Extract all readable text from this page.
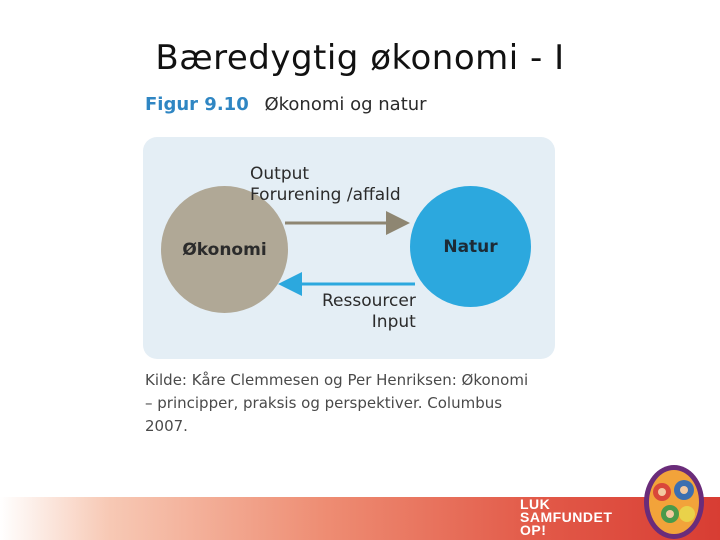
Bæredygtig økonomi - I
Figur 9.10 Økonomi og natur
Økonomi	Natur
Output
Forurening /affald
Ressourcer
Input
Kilde: Kåre Clemmesen og Per Henriksen: Økonomi
– principper, praksis og perspektiver. Columbus
2007.
LUK
SAMFUNDET
OP!
